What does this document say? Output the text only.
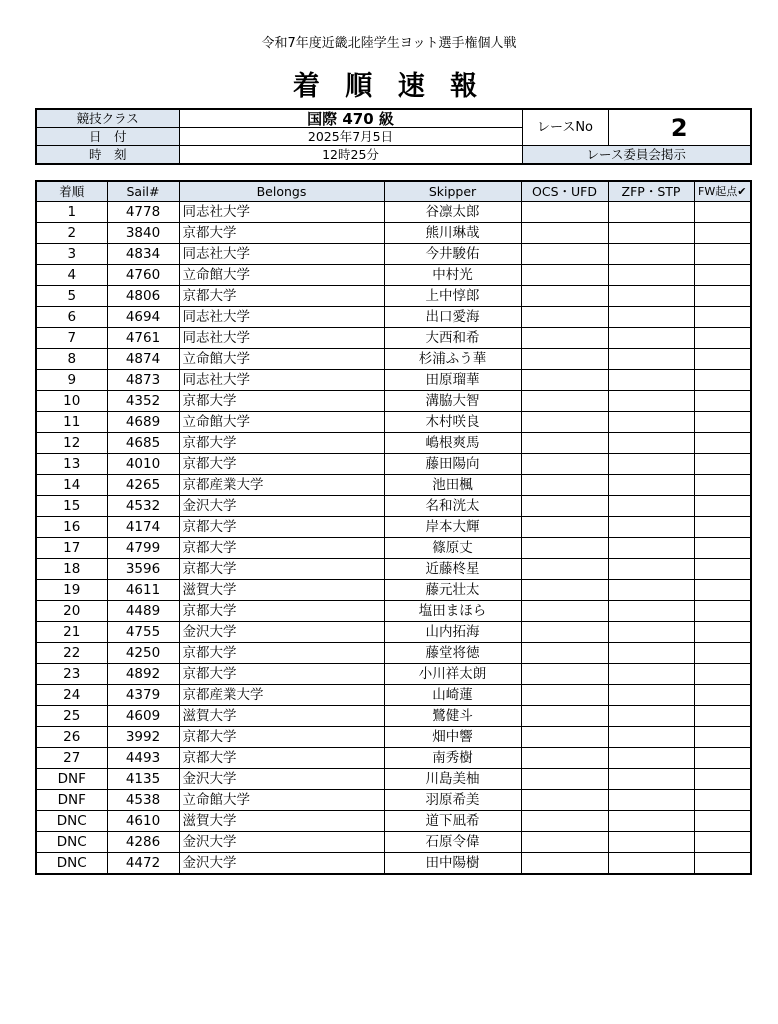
令和7年度近畿北陸学生ヨット選手権個人戦
着 順 速 報
競技クラス	国際 470 級	レースNo	2
日　付	2025年7月5日		
時　刻	12時25分	レース委員会掲示	
着順	Sail#	Belongs	Skipper	OCS・UFD	ZFP・STP	FW起点✔
1	4778	同志社大学	谷凛太郎			
2	3840	京都大学	熊川琳哉			
3	4834	同志社大学	今井駿佑			
4	4760	立命館大学	中村光			
5	4806	京都大学	上中惇郎			
6	4694	同志社大学	出口愛海			
7	4761	同志社大学	大西和希			
8	4874	立命館大学	杉浦ふう華			
9	4873	同志社大学	田原瑠華			
10	4352	京都大学	溝脇大智			
11	4689	立命館大学	木村咲良			
12	4685	京都大学	嶋根爽馬			
13	4010	京都大学	藤田陽向			
14	4265	京都産業大学	池田楓			
15	4532	金沢大学	名和洸太			
16	4174	京都大学	岸本大輝			
17	4799	京都大学	篠原丈			
18	3596	京都大学	近藤柊星			
19	4611	滋賀大学	藤元壮太			
20	4489	京都大学	塩田まほら			
21	4755	金沢大学	山内拓海			
22	4250	京都大学	藤堂将徳			
23	4892	京都大学	小川祥太朗			
24	4379	京都産業大学	山崎蓮			
25	4609	滋賀大学	鷺健斗			
26	3992	京都大学	畑中響			
27	4493	京都大学	南秀樹			
DNF	4135	金沢大学	川島美柚			
DNF	4538	立命館大学	羽原希美			
DNC	4610	滋賀大学	道下凪希			
DNC	4286	金沢大学	石原令偉			
DNC	4472	金沢大学	田中陽樹			
